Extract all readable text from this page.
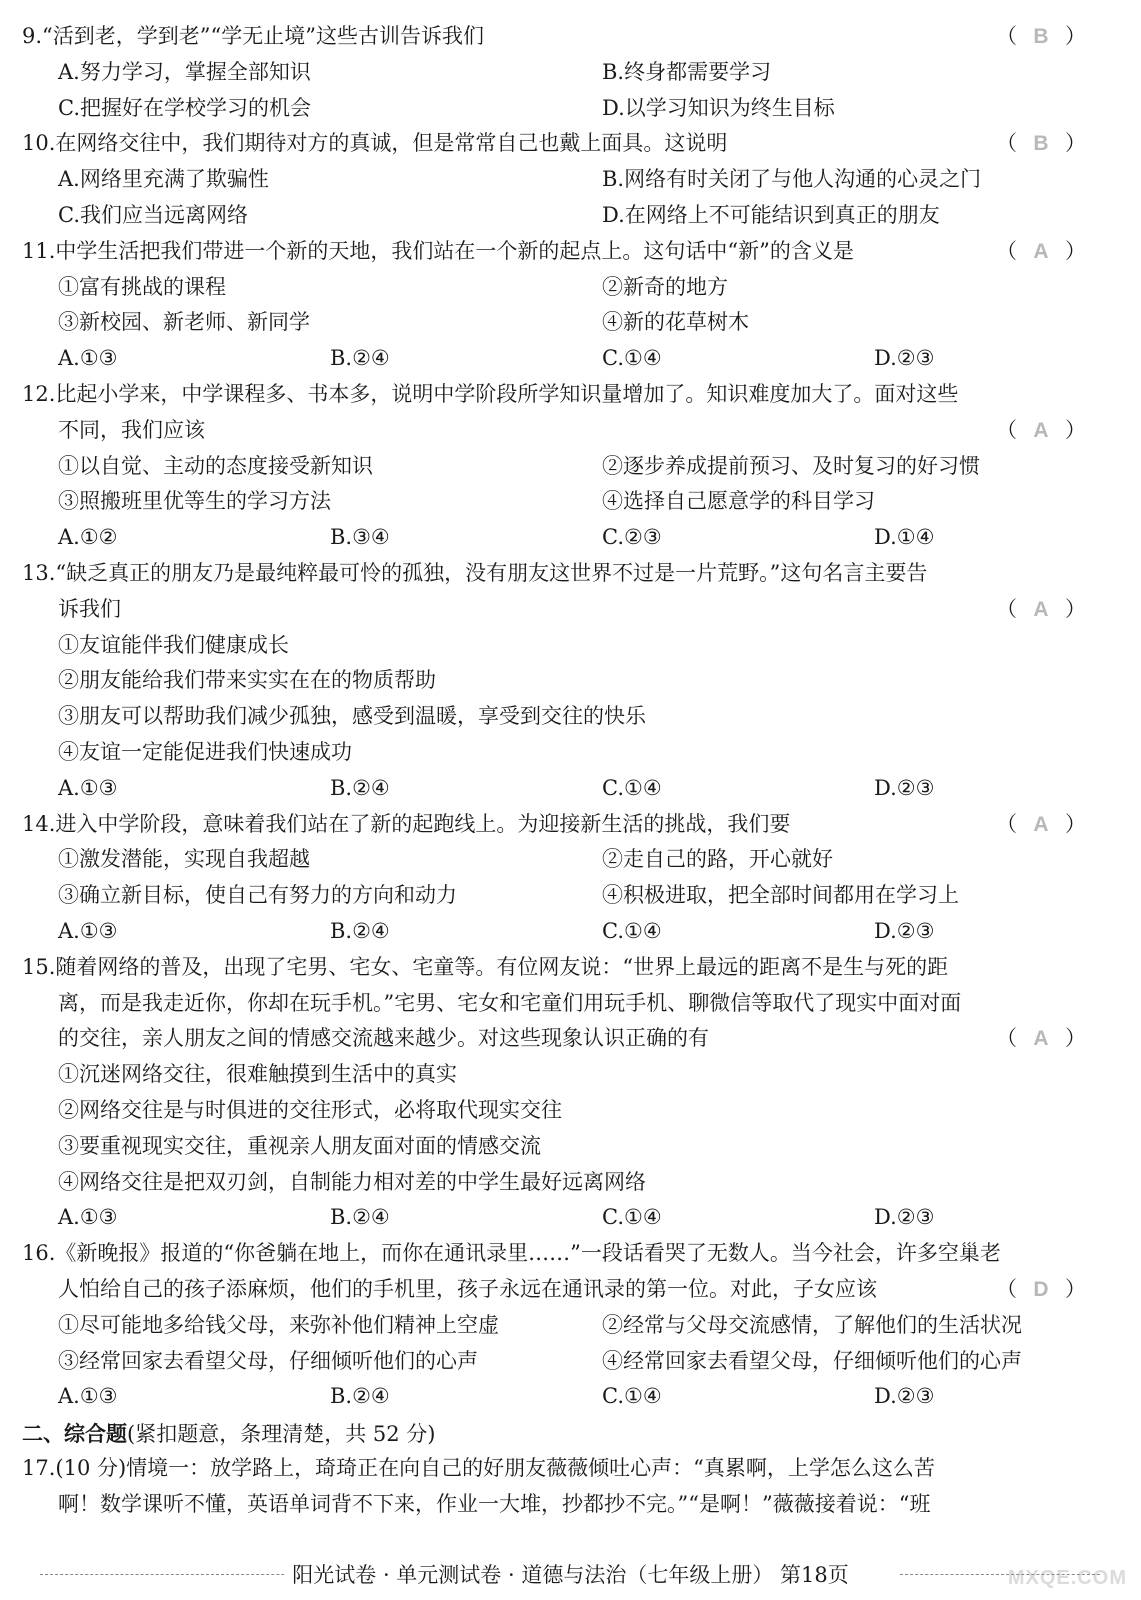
9.“活到老，学到老”“学无止境”这些古训告诉我们	（ B ）
A.努力学习，掌握全部知识	B.终身都需要学习
C.把握好在学校学习的机会	D.以学习知识为终生目标
10.在网络交往中，我们期待对方的真诚，但是常常自己也戴上面具。这说明	（ B ）
A.网络里充满了欺骗性	B.网络有时关闭了与他人沟通的心灵之门
C.我们应当远离网络	D.在网络上不可能结识到真正的朋友
11.中学生活把我们带进一个新的天地，我们站在一个新的起点上。这句话中“新”的含义是	（ A ）
①富有挑战的课程	②新奇的地方
③新校园、新老师、新同学	④新的花草树木
A.①③	B.②④	C.①④	D.②③
12.比起小学来，中学课程多、书本多，说明中学阶段所学知识量增加了。知识难度加大了。面对这些
不同，我们应该	（ A ）
①以自觉、主动的态度接受新知识	②逐步养成提前预习、及时复习的好习惯
③照搬班里优等生的学习方法	④选择自己愿意学的科目学习
A.①②	B.③④	C.②③	D.①④
13.“缺乏真正的朋友乃是最纯粹最可怜的孤独，没有朋友这世界不过是一片荒野。”这句名言主要告
诉我们	（ A ）
①友谊能伴我们健康成长
②朋友能给我们带来实实在在的物质帮助
③朋友可以帮助我们减少孤独，感受到温暖，享受到交往的快乐
④友谊一定能促进我们快速成功
A.①③	B.②④	C.①④	D.②③
14.进入中学阶段，意味着我们站在了新的起跑线上。为迎接新生活的挑战，我们要	（ A ）
①激发潜能，实现自我超越	②走自己的路，开心就好
③确立新目标，使自己有努力的方向和动力	④积极进取，把全部时间都用在学习上
A.①③	B.②④	C.①④	D.②③
15.随着网络的普及，出现了宅男、宅女、宅童等。有位网友说：“世界上最远的距离不是生与死的距
离，而是我走近你，你却在玩手机。”宅男、宅女和宅童们用玩手机、聊微信等取代了现实中面对面
的交往，亲人朋友之间的情感交流越来越少。对这些现象认识正确的有	（ A ）
①沉迷网络交往，很难触摸到生活中的真实
②网络交往是与时俱进的交往形式，必将取代现实交往
③要重视现实交往，重视亲人朋友面对面的情感交流
④网络交往是把双刃剑，自制能力相对差的中学生最好远离网络
A.①③	B.②④	C.①④	D.②③
16.《新晚报》报道的“你爸躺在地上，而你在通讯录里……”一段话看哭了无数人。当今社会，许多空巢老
人怕给自己的孩子添麻烦，他们的手机里，孩子永远在通讯录的第一位。对此，子女应该	（ D ）
①尽可能地多给钱父母，来弥补他们精神上空虚	②经常与父母交流感情，了解他们的生活状况
③经常回家去看望父母，仔细倾听他们的心声	④经常回家去看望父母，仔细倾听他们的心声
A.①③	B.②④	C.①④	D.②③
二、综合题(紧扣题意，条理清楚，共 52 分)
17.(10 分)情境一：放学路上，琦琦正在向自己的好朋友薇薇倾吐心声：“真累啊，上学怎么这么苦
啊！数学课听不懂，英语单词背不下来，作业一大堆，抄都抄不完。”“是啊！”薇薇接着说：“班
阳光试卷 · 单元测试卷 · 道德与法治（七年级上册） 第18页	MXQE.COM
